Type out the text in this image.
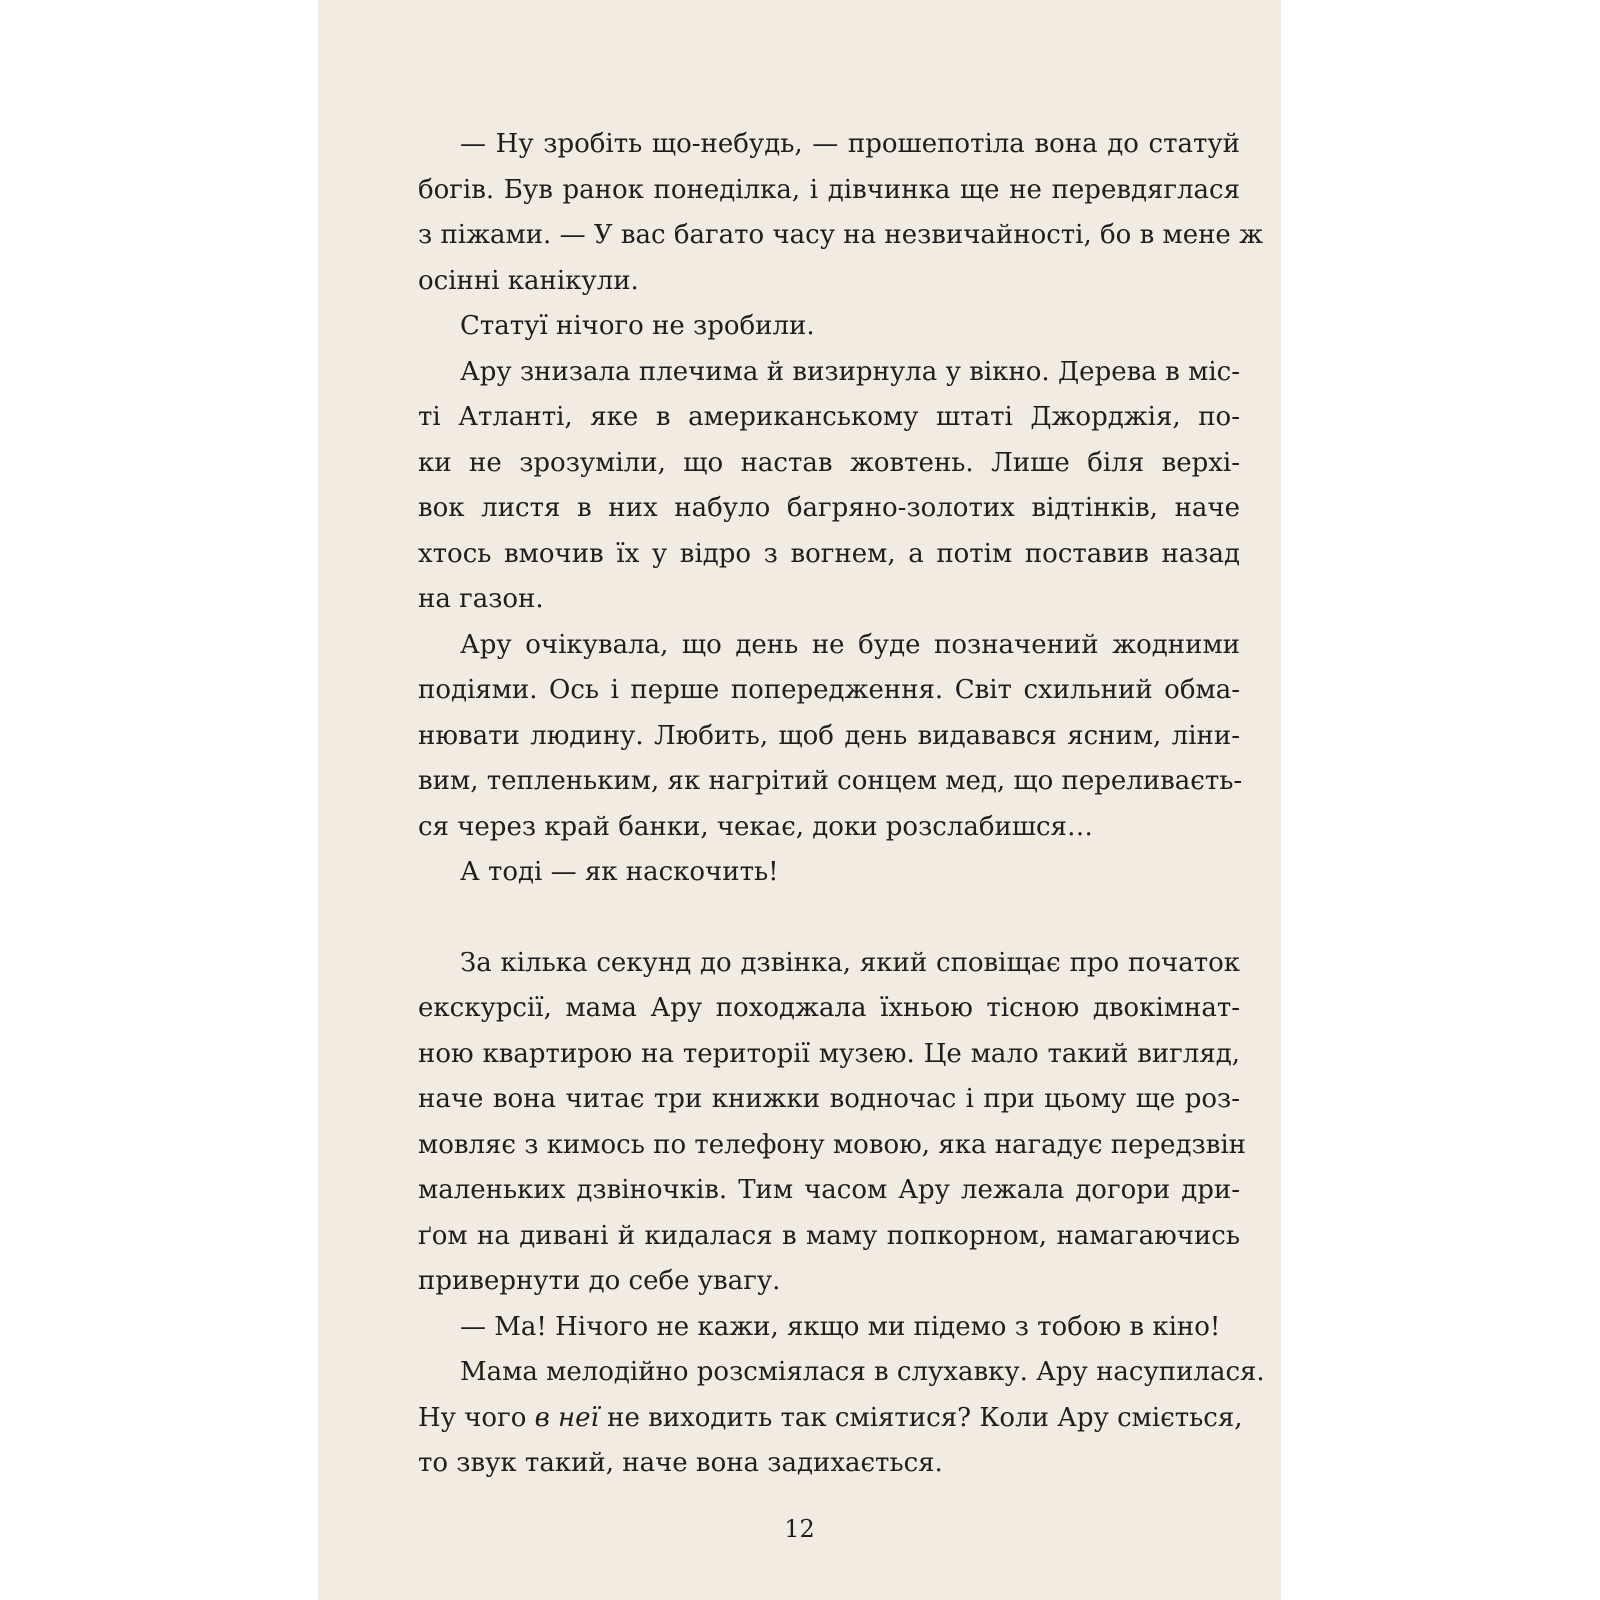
— Ну зробіть що-небудь, — прошепотіла вона до статуй
богів. Був ранок понеділка, і дівчинка ще не перевдяглася
з піжами. — У вас багато часу на незвичайності, бо в мене ж
осінні канікули.
Статуї нічого не зробили.
Ару знизала плечима й визирнула у вікно. Дерева в міс-
ті Атланті, яке в американському штаті Джорджія, по-
ки не зрозуміли, що настав жовтень. Лише біля верхі-
вок листя в них набуло багряно-золотих відтінків, наче
хтось вмочив їх у відро з вогнем, а потім поставив назад
на газон.
Ару очікувала, що день не буде позначений жодними
подіями. Ось і перше попередження. Світ схильний обма-
нювати людину. Любить, щоб день видавався ясним, ліни-
вим, тепленьким, як нагрітий сонцем мед, що переливаєть-
ся через край банки, чекає, доки розслабишся…
А тоді — як наскочить!
За кілька секунд до дзвінка, який сповіщає про початок
екскурсії, мама Ару походжала їхньою тісною двокімнат-
ною квартирою на території музею. Це мало такий вигляд,
наче вона читає три книжки водночас і при цьому ще роз-
мовляє з кимось по телефону мовою, яка нагадує передзвін
маленьких дзвіночків. Тим часом Ару лежала догори дри-
ґом на дивані й кидалася в маму попкорном, намагаючись
привернути до себе увагу.
— Ма! Нічого не кажи, якщо ми підемо з тобою в кіно!
Мама мелодійно розсміялася в слухавку. Ару насупилася.
Ну чого в неї не виходить так сміятися? Коли Ару сміється,
то звук такий, наче вона задихається.
12
